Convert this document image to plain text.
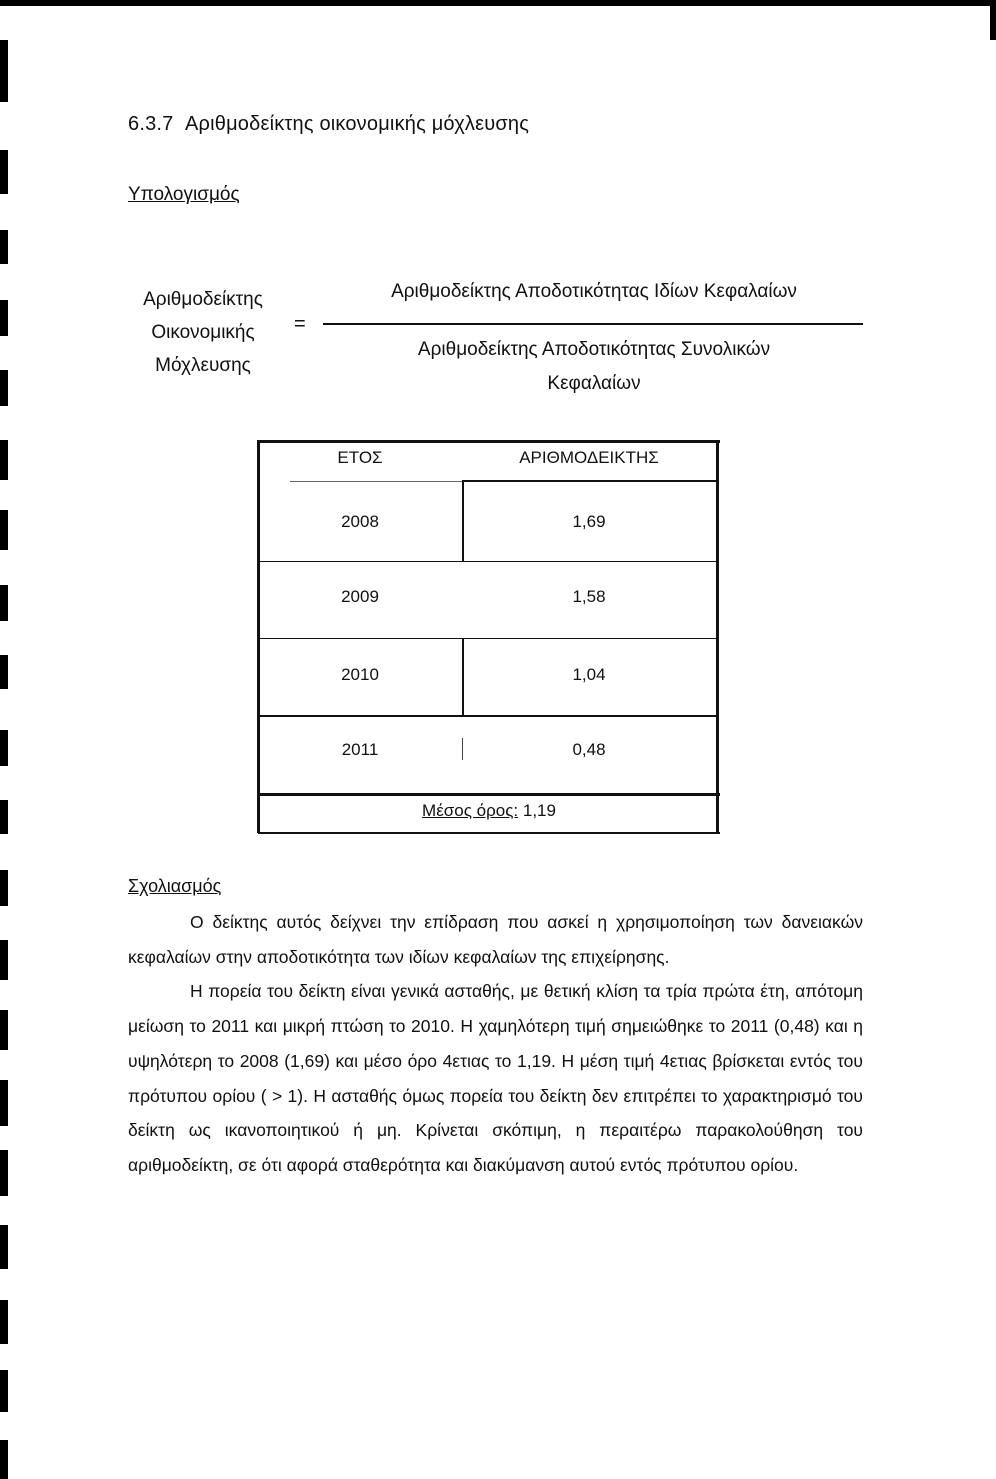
6.3.7 Αριθμοδείκτης οικονομικής μόχλευσης
Υπολογισμός
Αριθμοδείκτης
Οικονομικής
Μόχλευσης
=
Αριθμοδείκτης Αποδοτικότητας Ιδίων Κεφαλαίων
Αριθμοδείκτης Αποδοτικότητας Συνολικών
Κεφαλαίων
ΕΤΟΣ	ΑΡΙΘΜΟΔΕΙΚΤΗΣ
2008	1,69
2009	1,58
2010	1,04
2011	0,48
Μέσος όρος: 1,19
Σχολιασμός

Ο δείκτης αυτός δείχνει την επίδραση που ασκεί η χρησιμοποίηση των δανειακών κεφαλαίων στην αποδοτικότητα των ιδίων κεφαλαίων της επιχείρησης.

Η πορεία του δείκτη είναι γενικά ασταθής, με θετική κλίση τα τρία πρώτα έτη, απότομη μείωση το 2011 και μικρή πτώση το 2010. Η χαμηλότερη τιμή σημειώθηκε το 2011 (0,48) και η υψηλότερη το 2008 (1,69) και μέσο όρο 4ετιας το 1,19. Η μέση τιμή 4ετιας βρίσκεται εντός του πρότυπου ορίου ( > 1). Η ασταθής όμως πορεία του δείκτη δεν επιτρέπει το χαρακτηρισμό του δείκτη ως ικανοποιητικού ή μη. Κρίνεται σκόπιμη, η περαιτέρω παρακολούθηση του αριθμοδείκτη, σε ότι αφορά σταθερότητα και διακύμανση αυτού εντός πρότυπου ορίου.
